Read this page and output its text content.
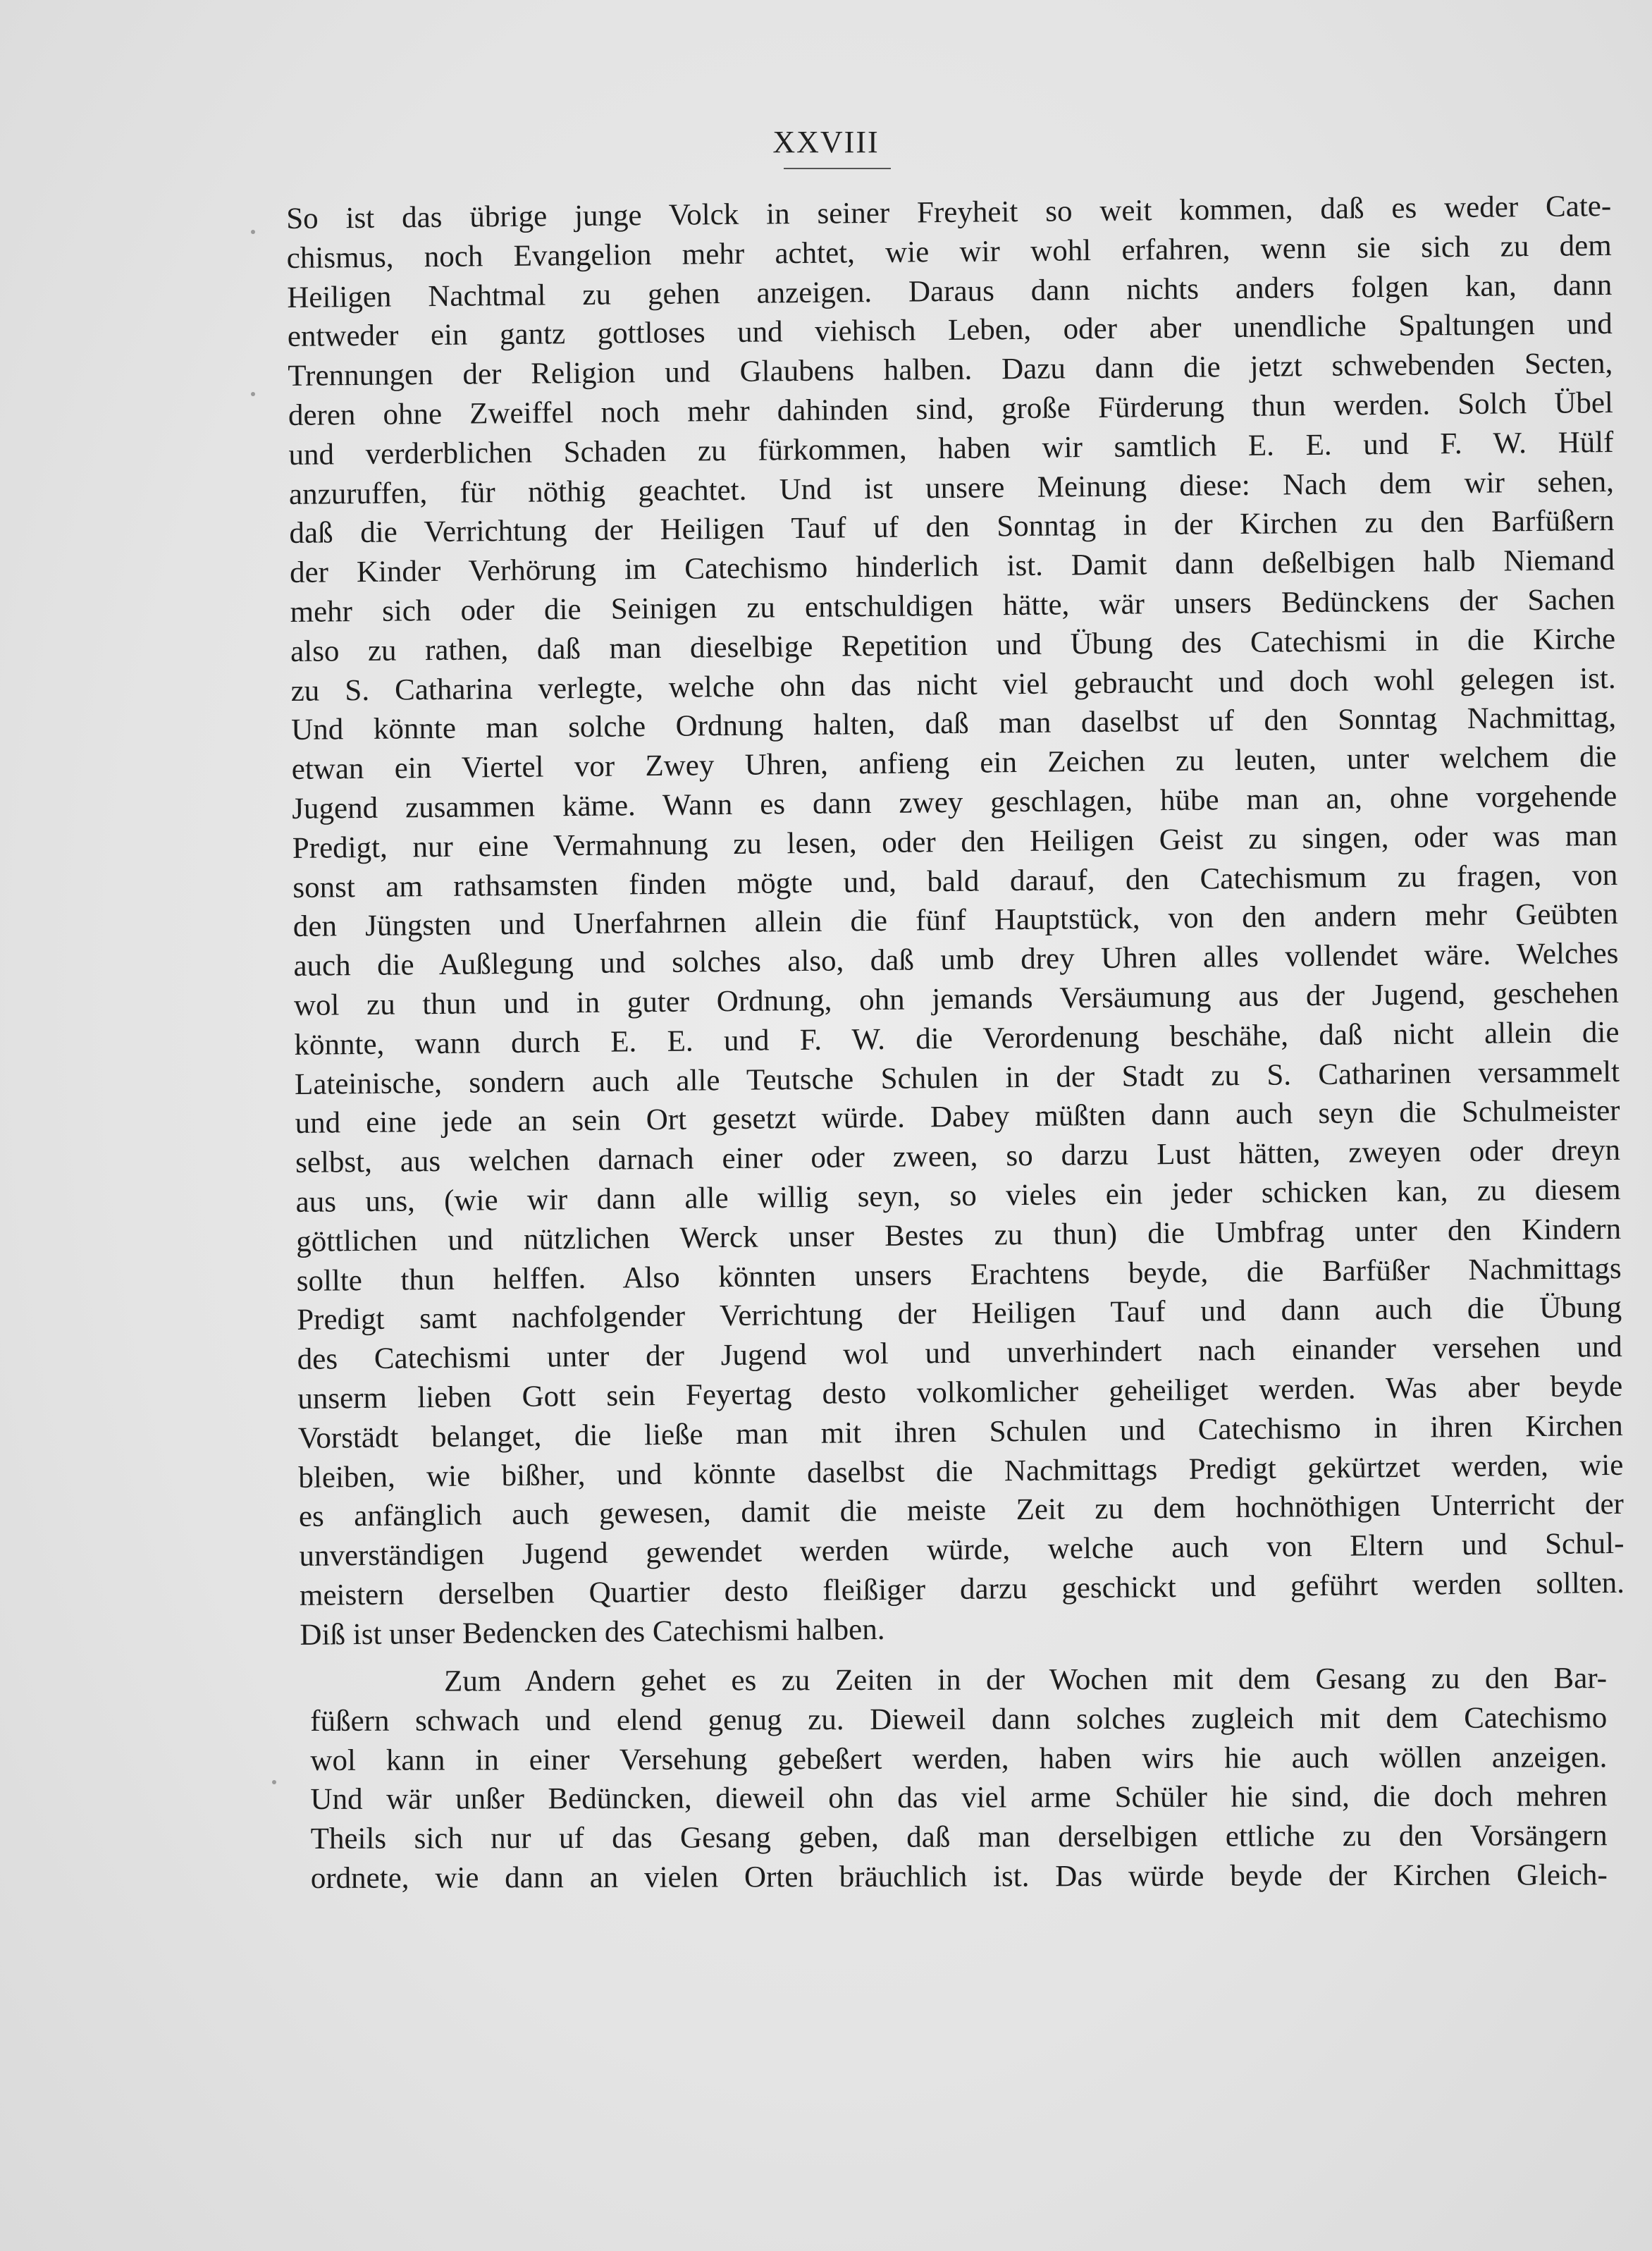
XXVIII
So ist das übrige junge Volck in seiner Freyheit so weit kommen, daß es weder Cate-
chismus, noch Evangelion mehr achtet, wie wir wohl erfahren, wenn sie sich zu dem
Heiligen Nachtmal zu gehen anzeigen. Daraus dann nichts anders folgen kan, dann
entweder ein gantz gottloses und viehisch Leben, oder aber unendliche Spaltungen und
Trennungen der Religion und Glaubens halben. Dazu dann die jetzt schwebenden Secten,
deren ohne Zweiffel noch mehr dahinden sind, große Fürderung thun werden. Solch Übel
und verderblichen Schaden zu fürkommen, haben wir samtlich E. E. und F. W. Hülf
anzuruffen, für nöthig geachtet. Und ist unsere Meinung diese: Nach dem wir sehen,
daß die Verrichtung der Heiligen Tauf uf den Sonntag in der Kirchen zu den Barfüßern
der Kinder Verhörung im Catechismo hinderlich ist. Damit dann deßelbigen halb Niemand
mehr sich oder die Seinigen zu entschuldigen hätte, wär unsers Bedünckens der Sachen
also zu rathen, daß man dieselbige Repetition und Übung des Catechismi in die Kirche
zu S. Catharina verlegte, welche ohn das nicht viel gebraucht und doch wohl gelegen ist.
Und könnte man solche Ordnung halten, daß man daselbst uf den Sonntag Nachmittag,
etwan ein Viertel vor Zwey Uhren, anfieng ein Zeichen zu leuten, unter welchem die
Jugend zusammen käme. Wann es dann zwey geschlagen, hübe man an, ohne vorgehende
Predigt, nur eine Vermahnung zu lesen, oder den Heiligen Geist zu singen, oder was man
sonst am rathsamsten finden mögte und, bald darauf, den Catechismum zu fragen, von
den Jüngsten und Unerfahrnen allein die fünf Hauptstück, von den andern mehr Geübten
auch die Außlegung und solches also, daß umb drey Uhren alles vollendet wäre. Welches
wol zu thun und in guter Ordnung, ohn jemands Versäumung aus der Jugend, geschehen
könnte, wann durch E. E. und F. W. die Verordenung beschähe, daß nicht allein die
Lateinische, sondern auch alle Teutsche Schulen in der Stadt zu S. Catharinen versammelt
und eine jede an sein Ort gesetzt würde. Dabey müßten dann auch seyn die Schulmeister
selbst, aus welchen darnach einer oder zween, so darzu Lust hätten, zweyen oder dreyn
aus uns, (wie wir dann alle willig seyn, so vieles ein jeder schicken kan, zu diesem
göttlichen und nützlichen Werck unser Bestes zu thun) die Umbfrag unter den Kindern
sollte thun helffen. Also könnten unsers Erachtens beyde, die Barfüßer Nachmittags
Predigt samt nachfolgender Verrichtung der Heiligen Tauf und dann auch die Übung
des Catechismi unter der Jugend wol und unverhindert nach einander versehen und
unserm lieben Gott sein Feyertag desto volkomlicher geheiliget werden. Was aber beyde
Vorstädt belanget, die ließe man mit ihren Schulen und Catechismo in ihren Kirchen
bleiben, wie bißher, und könnte daselbst die Nachmittags Predigt gekürtzet werden, wie
es anfänglich auch gewesen, damit die meiste Zeit zu dem hochnöthigen Unterricht der
unverständigen Jugend gewendet werden würde, welche auch von Eltern und Schul-
meistern derselben Quartier desto fleißiger darzu geschickt und geführt werden sollten.
Diß ist unser Bedencken des Catechismi halben.
Zum Andern gehet es zu Zeiten in der Wochen mit dem Gesang zu den Bar-
füßern schwach und elend genug zu. Dieweil dann solches zugleich mit dem Catechismo
wol kann in einer Versehung gebeßert werden, haben wirs hie auch wöllen anzeigen.
Und wär unßer Bedüncken, dieweil ohn das viel arme Schüler hie sind, die doch mehren
Theils sich nur uf das Gesang geben, daß man derselbigen ettliche zu den Vorsängern
ordnete, wie dann an vielen Orten bräuchlich ist. Das würde beyde der Kirchen Gleich-
